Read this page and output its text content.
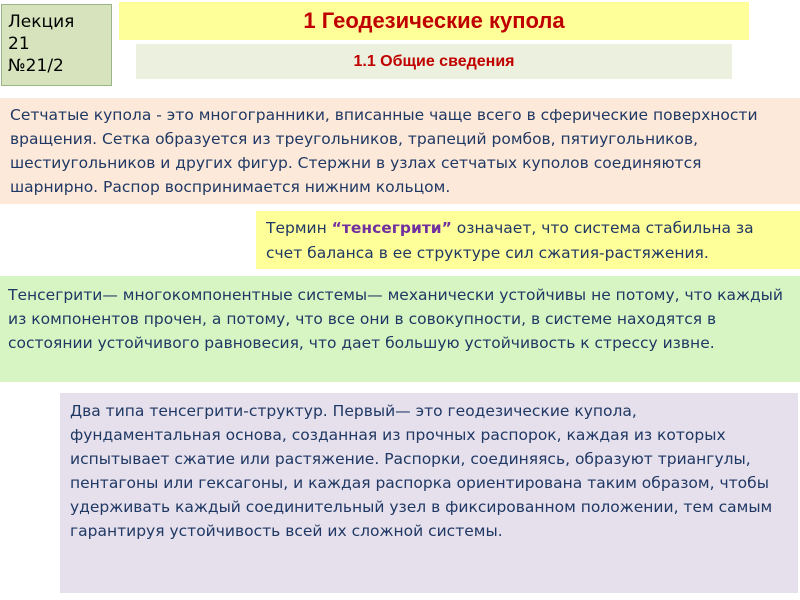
Лекция
21
№21/2
1 Геодезические купола
1.1 Общие сведения
Сетчатые купола - это многогранники, вписанные чаще всего в сферические поверхности вращения. Сетка образуется из треугольников, трапеций ромбов, пятиугольников, шестиугольников и других фигур. Стержни в узлах сетчатых куполов соединяются шарнирно. Распор воспринимается нижним кольцом.
Термин “тенсегрити” означает, что система стабильна за счет баланса в ее структуре сил сжатия-растяжения.
Тенсегрити— многокомпонентные системы— механически устойчивы не потому, что каждый из компонентов прочен, а потому, что все они в совокупности, в системе находятся в состоянии устойчивого равновесия, что дает большую устойчивость к стрессу извне.
Два типа тенсегрити-структур. Первый— это геодезические купола, фундаментальная основа, созданная из прочных распорок, каждая из которых испытывает сжатие или растяжение. Распорки, соединяясь, образуют триангулы, пентагоны или гексагоны, и каждая распорка ориентирована таким образом, чтобы удерживать каждый соединительный узел в фиксированном положении, тем самым гарантируя устойчивость всей их сложной системы.
